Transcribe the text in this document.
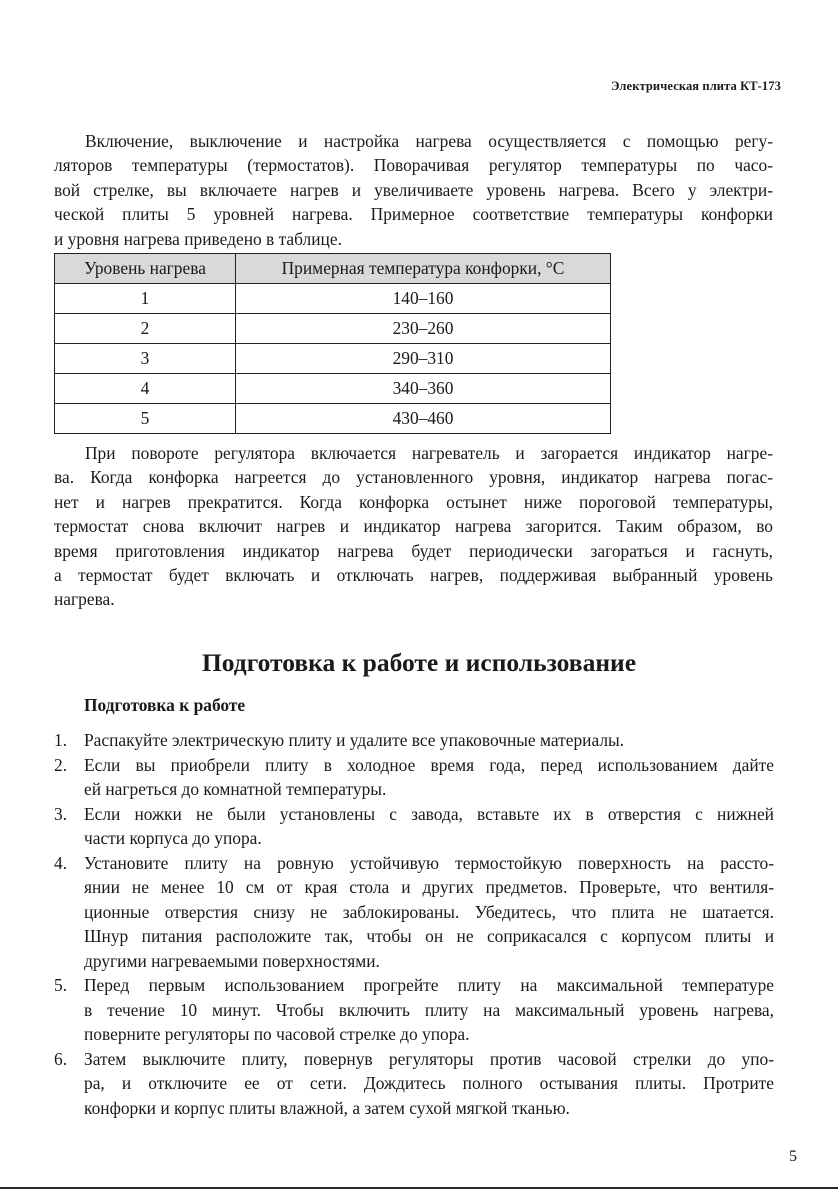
Электрическая плита КТ-173
Включение, выключение и настройка нагрева осуществляется с помощью регу-
ляторов температуры (термостатов). Поворачивая регулятор температуры по часо-
вой стрелке, вы включаете нагрев и увеличиваете уровень нагрева. Всего у электри-
ческой плиты 5 уровней нагрева. Примерное соответствие температуры конфорки
и уровня нагрева приведено в таблице.
Уровень нагрева	Примерная температура конфорки, °С
1	140–160
2	230–260
3	290–310
4	340–360
5	430–460
При повороте регулятора включается нагреватель и загорается индикатор нагре-
ва. Когда конфорка нагреется до установленного уровня, индикатор нагрева погас-
нет и нагрев прекратится. Когда конфорка остынет ниже пороговой температуры,
термостат снова включит нагрев и индикатор нагрева загорится. Таким образом, во
время приготовления индикатор нагрева будет периодически загораться и гаснуть,
а термостат будет включать и отключать нагрев, поддерживая выбранный уровень
нагрева.
Подготовка к работе и использование
Подготовка к работе
1. Распакуйте электрическую плиту и удалите все упаковочные материалы.
2. Если вы приобрели плиту в холодное время года, перед использованием дайте
ей нагреться до комнатной температуры.
3. Если ножки не были установлены с завода, вставьте их в отверстия с нижней
части корпуса до упора.
4. Установите плиту на ровную устойчивую термостойкую поверхность на рассто-
янии не менее 10 см от края стола и других предметов. Проверьте, что вентиля-
ционные отверстия снизу не заблокированы. Убедитесь, что плита не шатается.
Шнур питания расположите так, чтобы он не соприкасался с корпусом плиты и
другими нагреваемыми поверхностями.
5. Перед первым использованием прогрейте плиту на максимальной температуре
в течение 10 минут. Чтобы включить плиту на максимальный уровень нагрева,
поверните регуляторы по часовой стрелке до упора.
6. Затем выключите плиту, повернув регуляторы против часовой стрелки до упо-
ра, и отключите ее от сети. Дождитесь полного остывания плиты. Протрите
конфорки и корпус плиты влажной, а затем сухой мягкой тканью.
5
